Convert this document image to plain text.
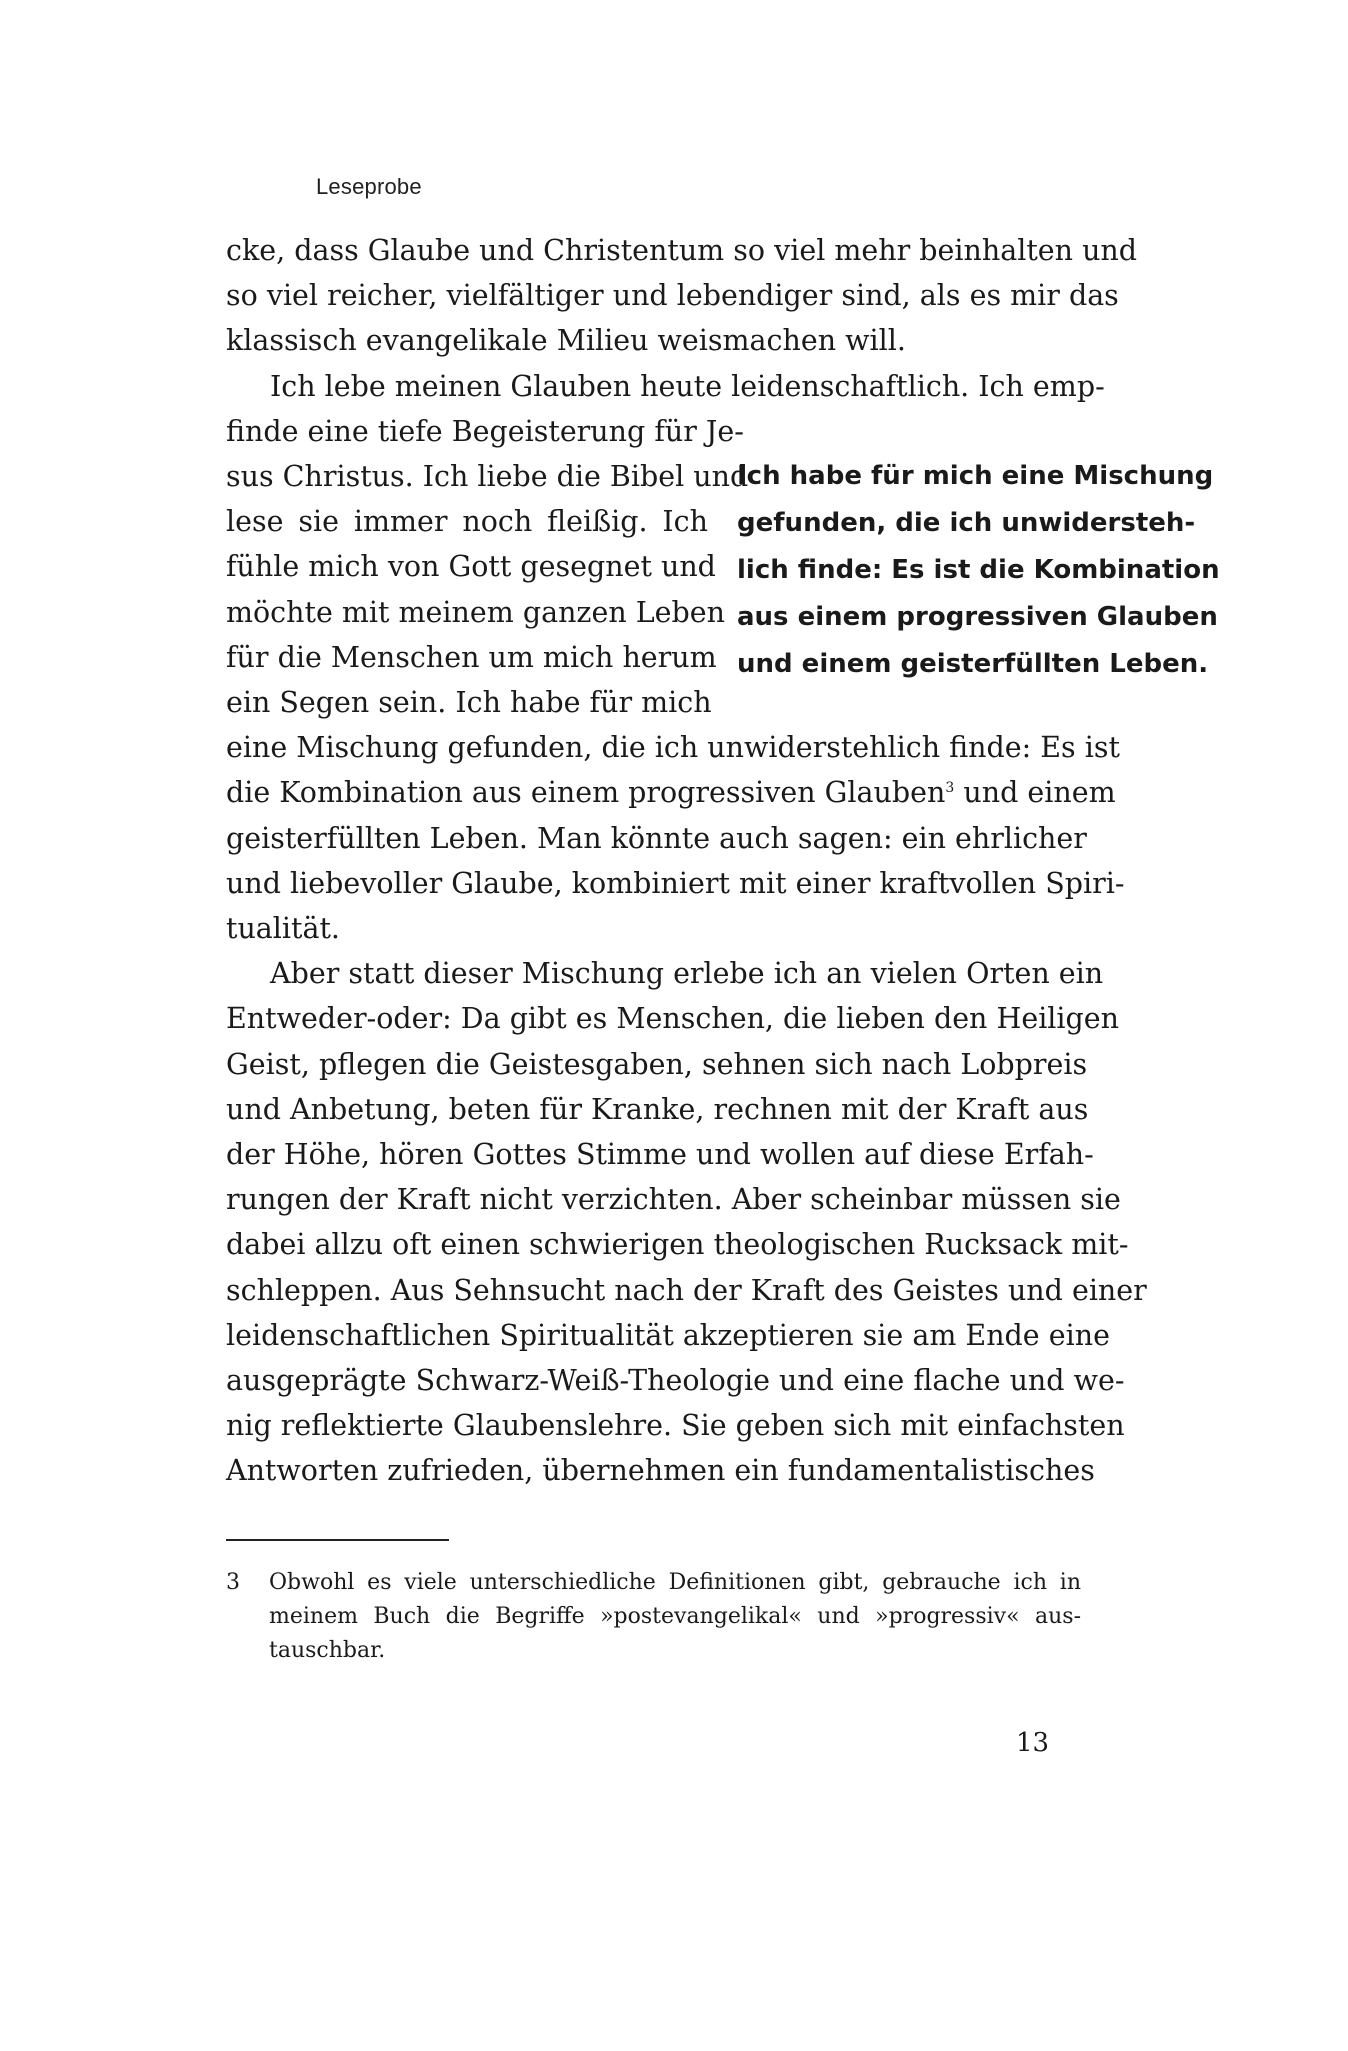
Leseprobe
cke, dass Glaube und Christentum so viel mehr beinhalten und
so viel reicher, vielfältiger und lebendiger sind, als es mir das
klassisch evangelikale Milieu weismachen will.
Ich lebe meinen Glauben heute leidenschaftlich. Ich emp-
finde eine tiefe Begeisterung für Je-
sus Christus. Ich liebe die Bibel und
lese sie immer noch fleißig. Ich
fühle mich von Gott gesegnet und
möchte mit meinem ganzen Leben
für die Menschen um mich herum
ein Segen sein. Ich habe für mich
eine Mischung gefunden, die ich unwiderstehlich finde: Es ist
die Kombination aus einem progressiven Glauben$^3$ und einem
geisterfüllten Leben. Man könnte auch sagen: ein ehrlicher
und liebevoller Glaube, kombiniert mit einer kraftvollen Spiri-
tualität.
Aber statt dieser Mischung erlebe ich an vielen Orten ein
Entweder-oder: Da gibt es Menschen, die lieben den Heiligen
Geist, pflegen die Geistesgaben, sehnen sich nach Lobpreis
und Anbetung, beten für Kranke, rechnen mit der Kraft aus
der Höhe, hören Gottes Stimme und wollen auf diese Erfah-
rungen der Kraft nicht verzichten. Aber scheinbar müssen sie
dabei allzu oft einen schwierigen theologischen Rucksack mit-
schleppen. Aus Sehnsucht nach der Kraft des Geistes und einer
leidenschaftlichen Spiritualität akzeptieren sie am Ende eine
ausgeprägte Schwarz-Weiß-Theologie und eine flache und we-
nig reflektierte Glaubenslehre. Sie geben sich mit einfachsten
Antworten zufrieden, übernehmen ein fundamentalistisches
Ich habe für mich eine Mischung
gefunden, die ich unwidersteh-
lich finde: Es ist die Kombination
aus einem progressiven Glauben
und einem geisterfüllten Leben.
3 Obwohl es viele unterschiedliche Definitionen gibt, gebrauche ich in
meinem Buch die Begriffe »postevangelikal« und »progressiv« aus-
tauschbar.
13
